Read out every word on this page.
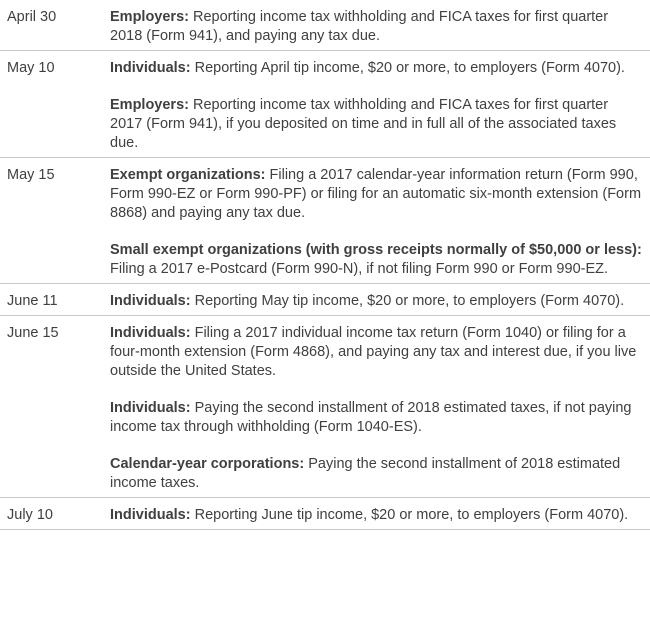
April 30	Employers: Reporting income tax withholding and FICA taxes for first quarter 2018 (Form 941), and paying any tax due.

May 10	Individuals: Reporting April tip income, $20 or more, to employers (Form 4070).
Employers: Reporting income tax withholding and FICA taxes for first quarter 2017 (Form 941), if you deposited on time and in full all of the associated taxes due.

May 15	Exempt organizations: Filing a 2017 calendar-year information return (Form 990, Form 990-EZ or Form 990-PF) or filing for an automatic six-month extension (Form 8868) and paying any tax due.
Small exempt organizations (with gross receipts normally of $50,000 or less): Filing a 2017 e-Postcard (Form 990-N), if not filing Form 990 or Form 990-EZ.

June 11	Individuals: Reporting May tip income, $20 or more, to employers (Form 4070).

June 15	Individuals: Filing a 2017 individual income tax return (Form 1040) or filing for a four-month extension (Form 4868), and paying any tax and interest due, if you live outside the United States.
Individuals: Paying the second installment of 2018 estimated taxes, if not paying income tax through withholding (Form 1040-ES).
Calendar-year corporations: Paying the second installment of 2018 estimated income taxes.

July 10	Individuals: Reporting June tip income, $20 or more, to employers (Form 4070).
